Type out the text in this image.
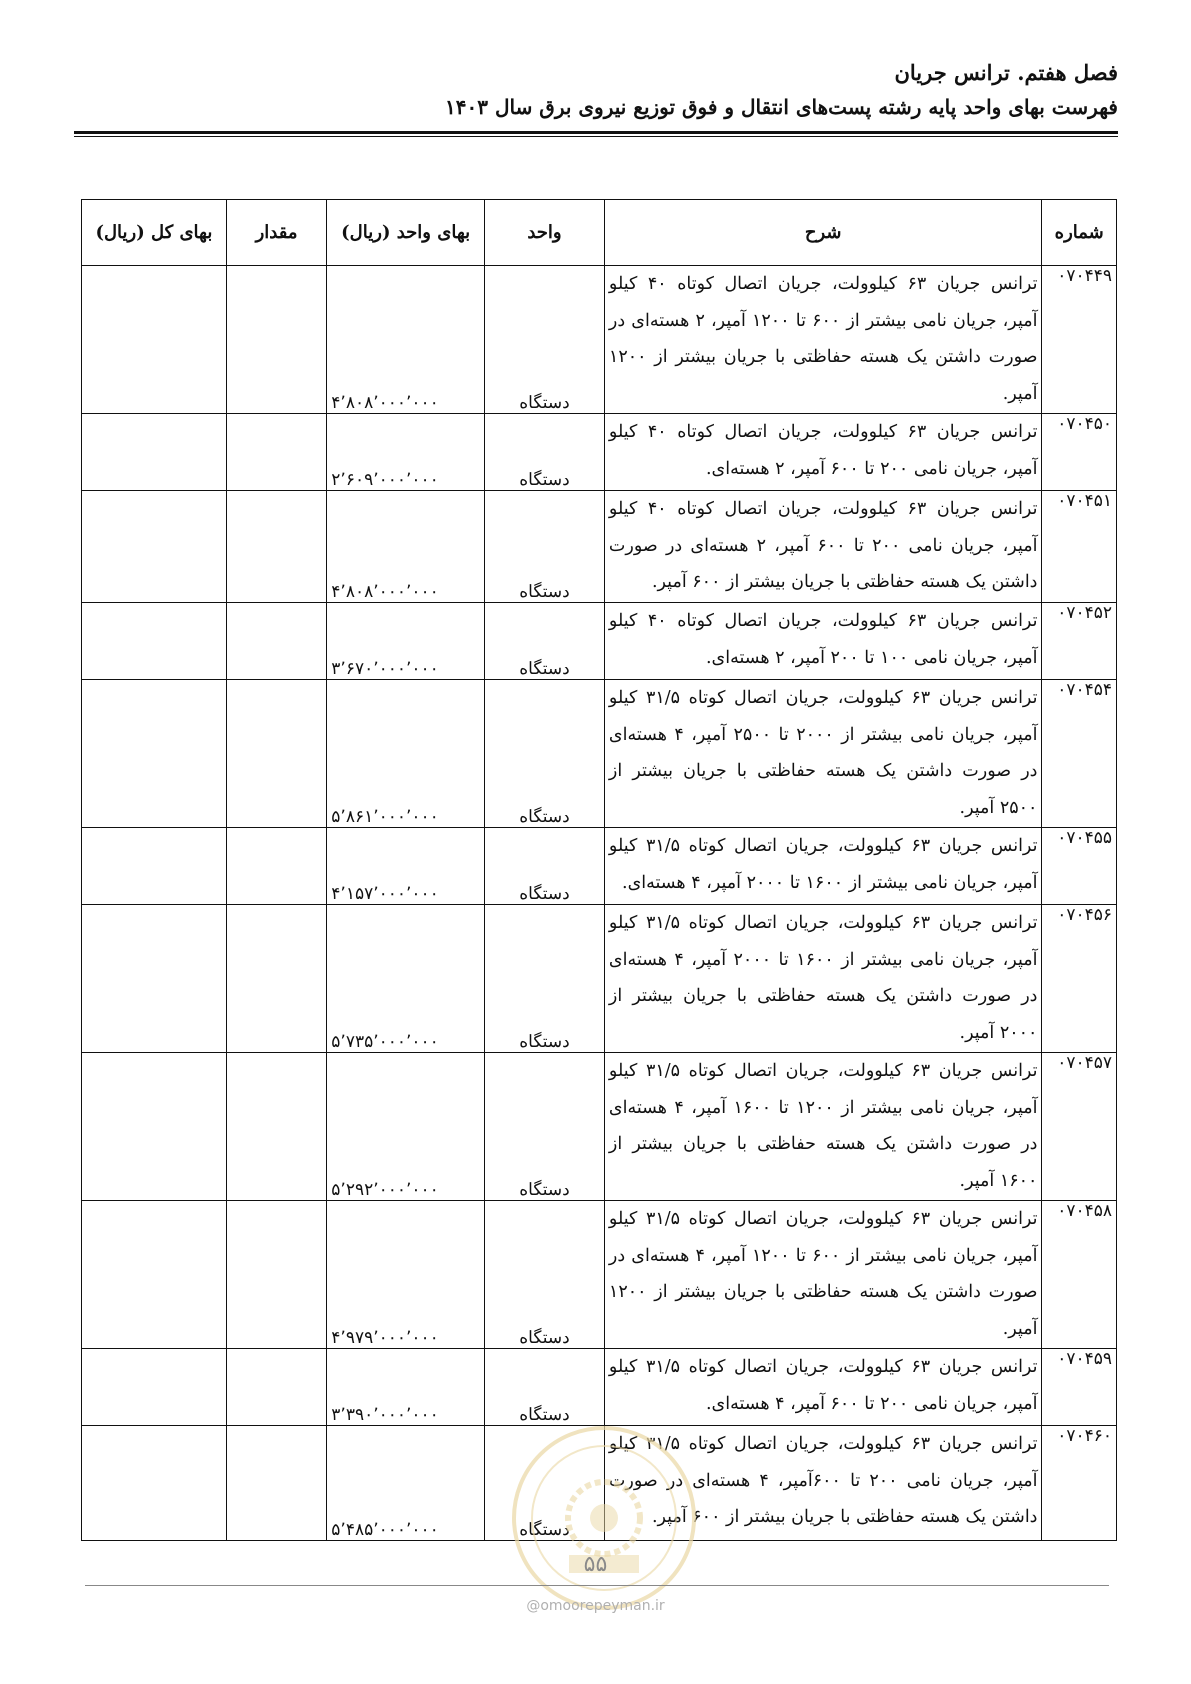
فصل هفتم. ترانس جریان
فهرست بهای واحد پایه رشته پست‌های انتقال و فوق توزیع نیروی برق سال ۱۴۰۳
شماره	شرح	واحد	بهای واحد (ریال)	مقدار	بهای کل (ریال)
۰۷۰۴۴۹	ترانس جریان ۶۳ کیلوولت، جریان اتصال کوتاه ۴۰ کیلو آمپر، جریان نامی بیشتر از ۶۰۰ تا ۱۲۰۰ آمپر، ۲ هسته‌ای در صورت داشتن یک هسته حفاظتی با جریان بیشتر از ۱۲۰۰ آمپر.	دستگاه	۴٬۸۰۸٬۰۰۰٬۰۰۰		
۰۷۰۴۵۰	ترانس جریان ۶۳ کیلوولت، جریان اتصال کوتاه ۴۰ کیلو آمپر، جریان نامی ۲۰۰ تا ۶۰۰ آمپر، ۲ هسته‌ای.	دستگاه	۲٬۶۰۹٬۰۰۰٬۰۰۰		
۰۷۰۴۵۱	ترانس جریان ۶۳ کیلوولت، جریان اتصال کوتاه ۴۰ کیلو آمپر، جریان نامی ۲۰۰ تا ۶۰۰ آمپر، ۲ هسته‌ای در صورت داشتن یک هسته حفاظتی با جریان بیشتر از ۶۰۰ آمپر.	دستگاه	۴٬۸۰۸٬۰۰۰٬۰۰۰		
۰۷۰۴۵۲	ترانس جریان ۶۳ کیلوولت، جریان اتصال کوتاه ۴۰ کیلو آمپر، جریان نامی ۱۰۰ تا ۲۰۰ آمپر، ۲ هسته‌ای.	دستگاه	۳٬۶۷۰٬۰۰۰٬۰۰۰		
۰۷۰۴۵۴	ترانس جریان ۶۳ کیلوولت، جریان اتصال کوتاه ۳۱/۵ کیلو آمپر، جریان نامی بیشتر از ۲۰۰۰ تا ۲۵۰۰ آمپر، ۴ هسته‌ای در صورت داشتن یک هسته حفاظتی با جریان بیشتر از ۲۵۰۰ آمپر.	دستگاه	۵٬۸۶۱٬۰۰۰٬۰۰۰		
۰۷۰۴۵۵	ترانس جریان ۶۳ کیلوولت، جریان اتصال کوتاه ۳۱/۵ کیلو آمپر، جریان نامی بیشتر از ۱۶۰۰ تا ۲۰۰۰ آمپر، ۴ هسته‌ای.	دستگاه	۴٬۱۵۷٬۰۰۰٬۰۰۰		
۰۷۰۴۵۶	ترانس جریان ۶۳ کیلوولت، جریان اتصال کوتاه ۳۱/۵ کیلو آمپر، جریان نامی بیشتر از ۱۶۰۰ تا ۲۰۰۰ آمپر، ۴ هسته‌ای در صورت داشتن یک هسته حفاظتی با جریان بیشتر از ۲۰۰۰ آمپر.	دستگاه	۵٬۷۳۵٬۰۰۰٬۰۰۰		
۰۷۰۴۵۷	ترانس جریان ۶۳ کیلوولت، جریان اتصال کوتاه ۳۱/۵ کیلو آمپر، جریان نامی بیشتر از ۱۲۰۰ تا ۱۶۰۰ آمپر، ۴ هسته‌ای در صورت داشتن یک هسته حفاظتی با جریان بیشتر از ۱۶۰۰ آمپر.	دستگاه	۵٬۲۹۲٬۰۰۰٬۰۰۰		
۰۷۰۴۵۸	ترانس جریان ۶۳ کیلوولت، جریان اتصال کوتاه ۳۱/۵ کیلو آمپر، جریان نامی بیشتر از ۶۰۰ تا ۱۲۰۰ آمپر، ۴ هسته‌ای در صورت داشتن یک هسته حفاظتی با جریان بیشتر از ۱۲۰۰ آمپر.	دستگاه	۴٬۹۷۹٬۰۰۰٬۰۰۰		
۰۷۰۴۵۹	ترانس جریان ۶۳ کیلوولت، جریان اتصال کوتاه ۳۱/۵ کیلو آمپر، جریان نامی ۲۰۰ تا ۶۰۰ آمپر، ۴ هسته‌ای.	دستگاه	۳٬۳۹۰٬۰۰۰٬۰۰۰		
۰۷۰۴۶۰	ترانس جریان ۶۳ کیلوولت، جریان اتصال کوتاه ۳۱/۵ کیلو آمپر، جریان نامی ۲۰۰ تا ۶۰۰آمپر، ۴ هسته‌ای در صورت داشتن یک هسته حفاظتی با جریان بیشتر از ۶۰۰ آمپر.	دستگاه	۵٬۴۸۵٬۰۰۰٬۰۰۰		
۵۵
@omoorepeyman.ir
